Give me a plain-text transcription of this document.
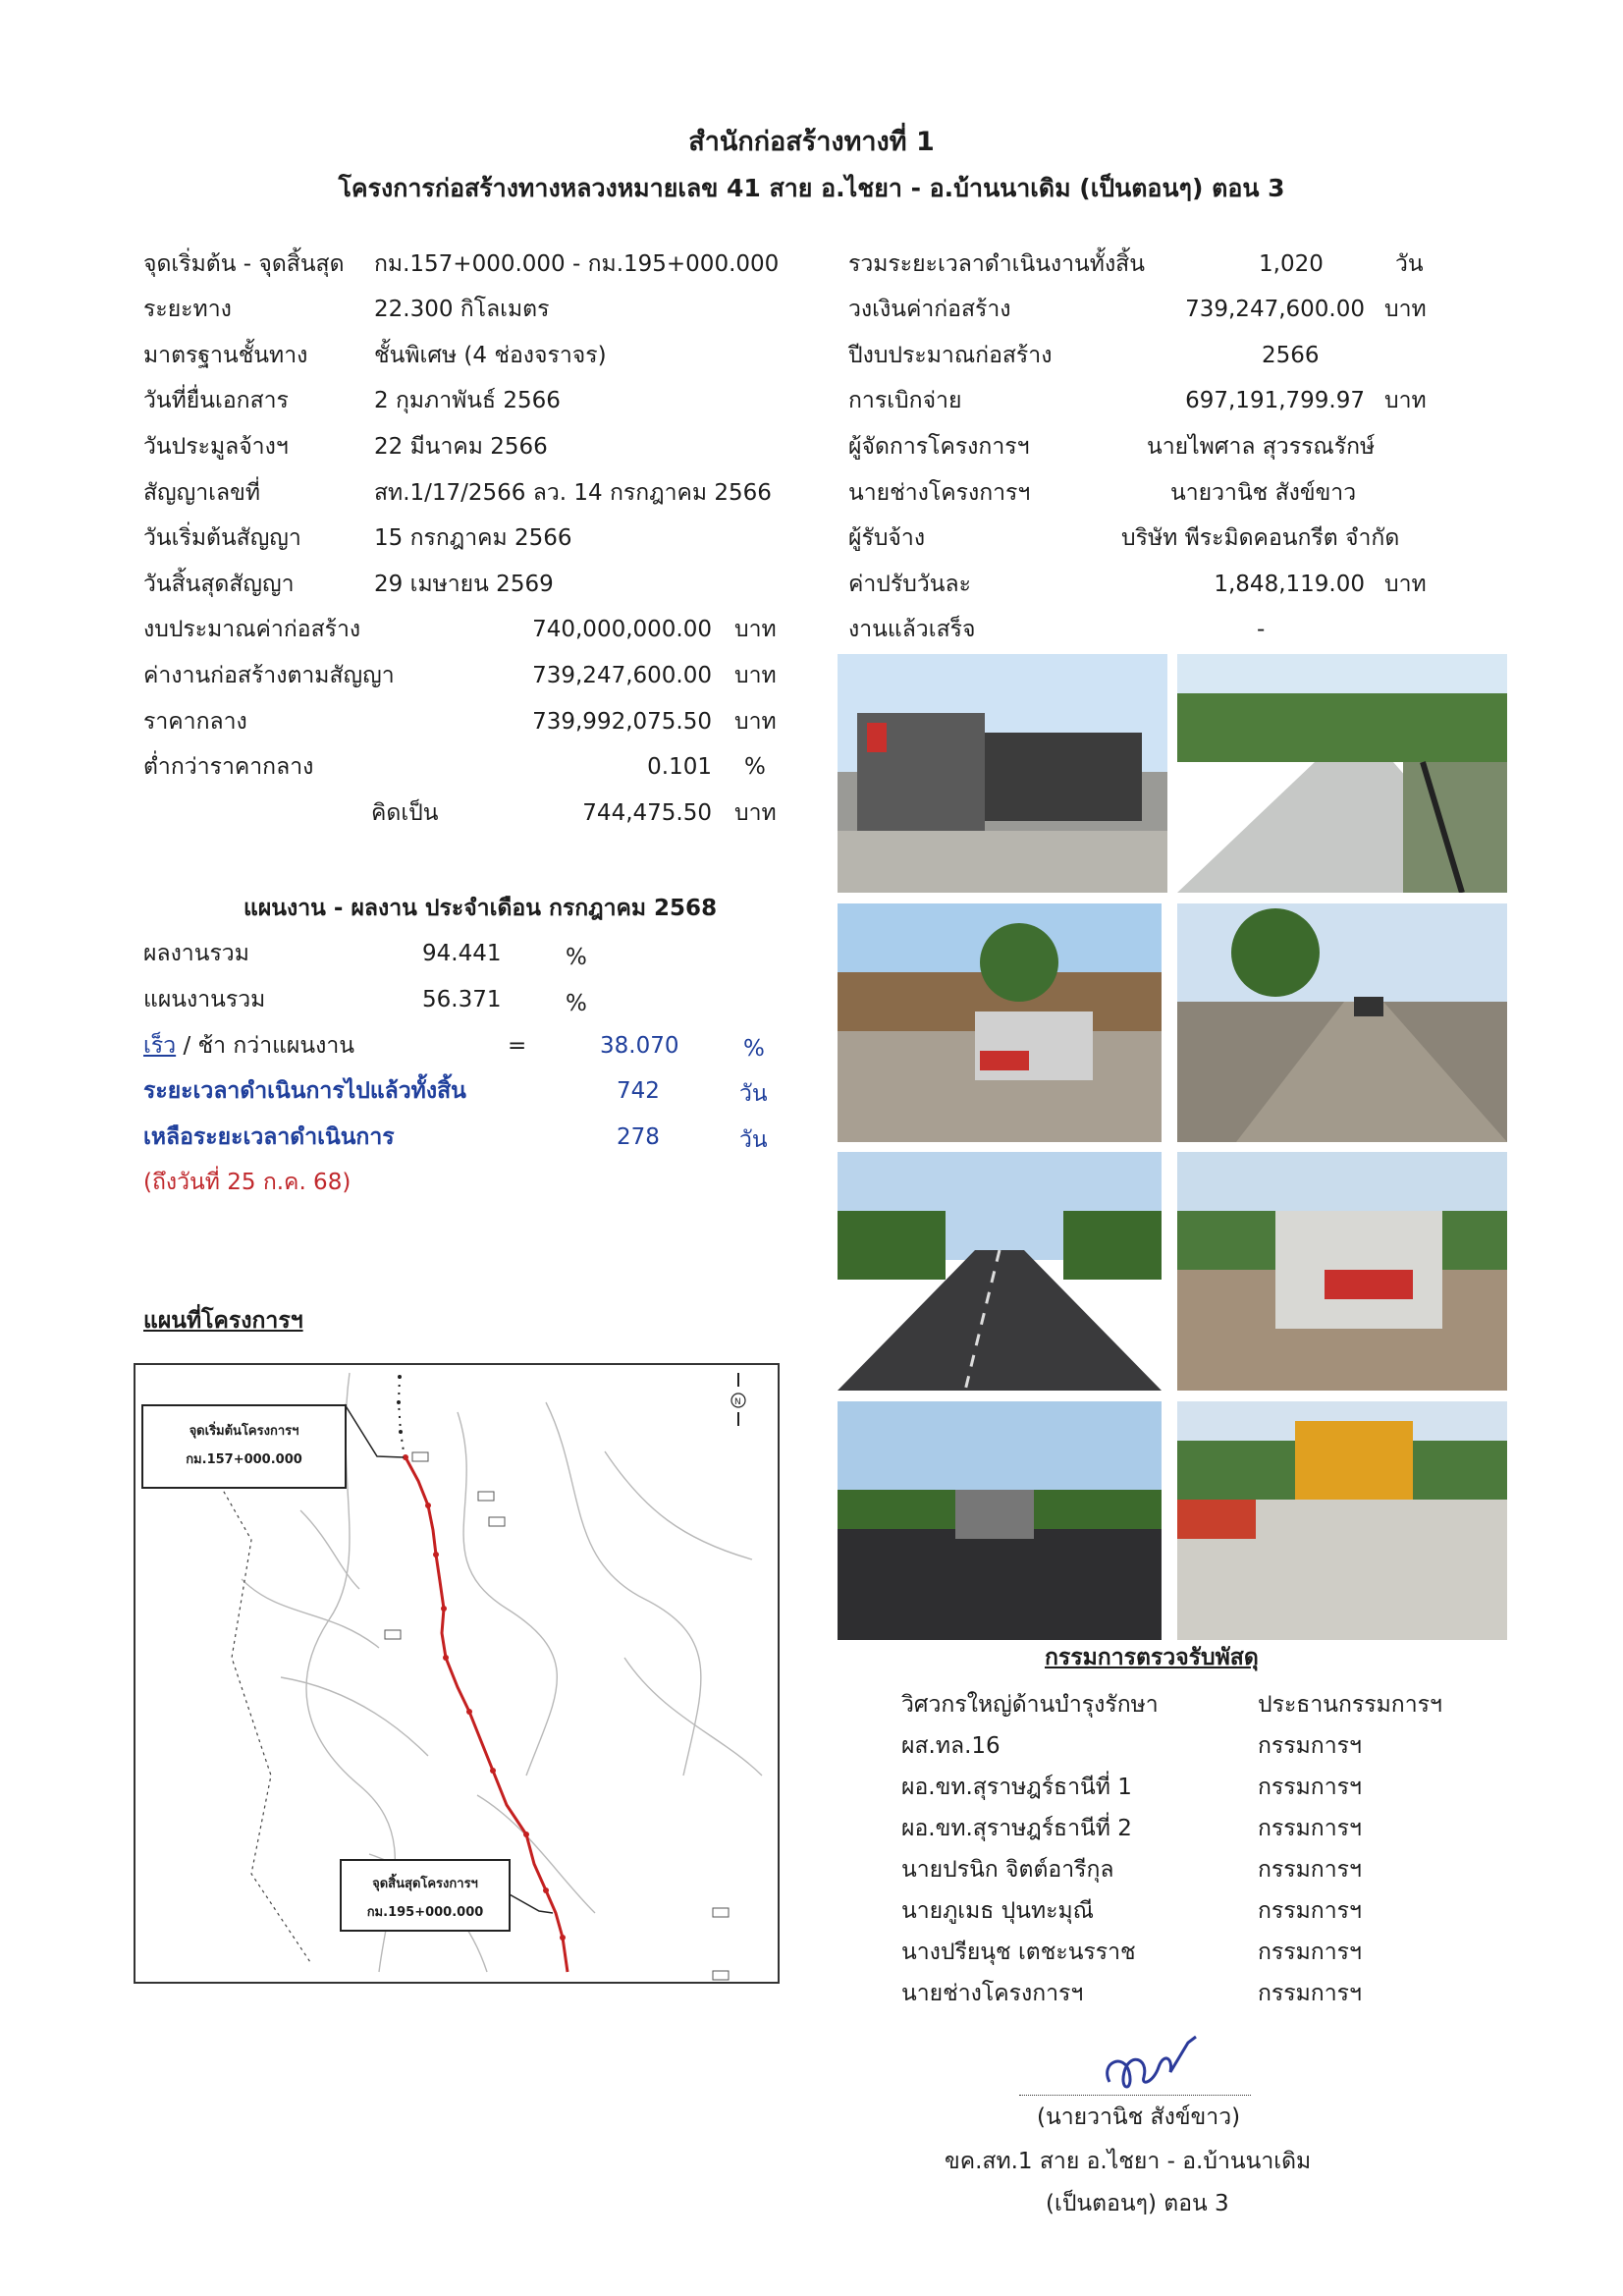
สำนักก่อสร้างทางที่ 1
โครงการก่อสร้างทางหลวงหมายเลข 41 สาย อ.ไชยา - อ.บ้านนาเดิม (เป็นตอนๆ) ตอน 3
จุดเริ่มต้น - จุดสิ้นสุด กม.157+000.000 - กม.195+000.000
ระยะทาง	22.300 กิโลเมตร
มาตรฐานชั้นทาง	ชั้นพิเศษ (4 ช่องจราจร)
วันที่ยื่นเอกสาร	2 กุมภาพันธ์ 2566
วันประมูลจ้างฯ	22 มีนาคม 2566
สัญญาเลขที่	สท.1/17/2566 ลว. 14 กรกฎาคม 2566
วันเริ่มต้นสัญญา	15 กรกฎาคม 2566
วันสิ้นสุดสัญญา	29 เมษายน 2569
งบประมาณค่าก่อสร้าง	740,000,000.00 บาท
ค่างานก่อสร้างตามสัญญา	739,247,600.00 บาท
ราคากลาง	739,992,075.50 บาท
ต่ำกว่าราคากลาง	0.101 %
คิดเป็น	744,475.50 บาท
รวมระยะเวลาดำเนินงานทั้งสิ้น	1,020	วัน
วงเงินค่าก่อสร้าง	739,247,600.00 บาท
ปีงบประมาณก่อสร้าง	2566
การเบิกจ่าย	697,191,799.97 บาท
ผู้จัดการโครงการฯ	นายไพศาล สุวรรณรักษ์
นายช่างโครงการฯ	นายวานิช สังข์ขาว
ผู้รับจ้าง	บริษัท พีระมิดคอนกรีต จำกัด
ค่าปรับวันละ	1,848,119.00 บาท
งานแล้วเสร็จ	-
แผนงาน - ผลงาน ประจำเดือน กรกฎาคม 2568
ผลงานรวม	94.441	%
แผนงานรวม	56.371	%
เร็ว / ช้า กว่าแผนงาน	=	38.070	%
ระยะเวลาดำเนินการไปแล้วทั้งสิ้น	742	วัน
เหลือระยะเวลาดำเนินการ	278	วัน
(ถึงวันที่ 25 ก.ค. 68)
แผนที่โครงการฯ
N
จุดเริ่มต้นโครงการฯ
กม.157+000.000
จุดสิ้นสุดโครงการฯ
กม.195+000.000
กรรมการตรวจรับพัสดุ
วิศวกรใหญ่ด้านบำรุงรักษา	ประธานกรรมการฯ
ผส.ทล.16	กรรมการฯ
ผอ.ขท.สุราษฎร์ธานีที่ 1	กรรมการฯ
ผอ.ขท.สุราษฎร์ธานีที่ 2	กรรมการฯ
นายปรนิก จิตต์อารีกุล	กรรมการฯ
นายภูเมธ ปุนทะมุณี	กรรมการฯ
นางปรียนุช เตชะนรราช	กรรมการฯ
นายช่างโครงการฯ	กรรมการฯ
(นายวานิช สังข์ขาว)
ขค.สท.1 สาย อ.ไชยา - อ.บ้านนาเดิม
(เป็นตอนๆ) ตอน 3
